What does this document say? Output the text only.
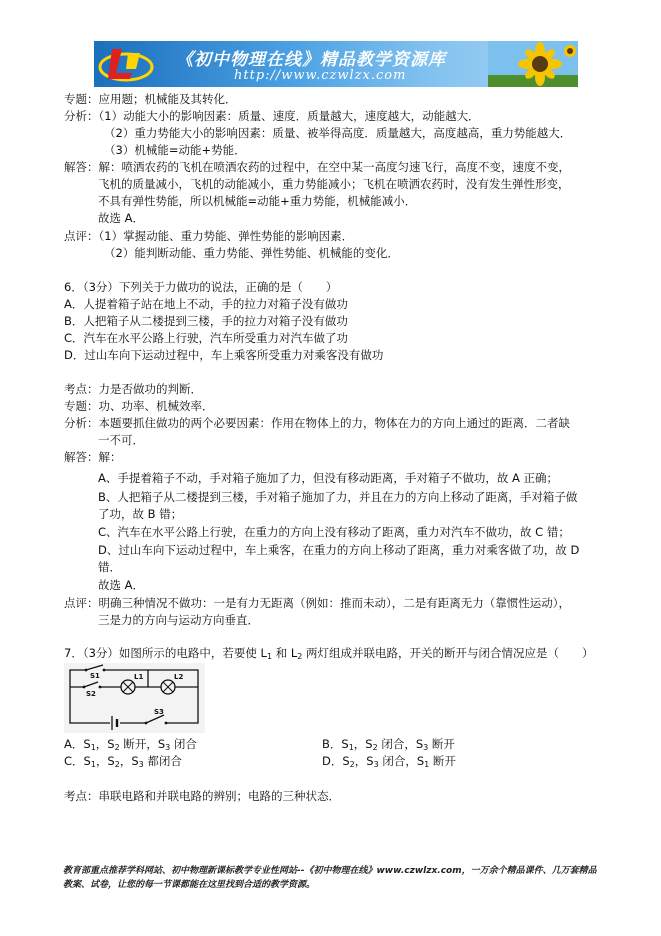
《初中物理在线》精品教学资源库
http://www.czwlzx.com
专题：应用题；机械能及其转化．
分析：（1）动能大小的影响因素：质量、速度．质量越大，速度越大，动能越大．
（2）重力势能大小的影响因素：质量、被举得高度．质量越大，高度越高，重力势能越大．
（3）机械能=动能+势能．
解答：解：喷洒农药的飞机在喷洒农药的过程中，在空中某一高度匀速飞行，高度不变，速度不变，
飞机的质量减小，飞机的动能减小，重力势能减小；飞机在喷洒农药时，没有发生弹性形变，
不具有弹性势能，所以机械能=动能+重力势能，机械能减小．
故选 A．
点评：（1）掌握动能、重力势能、弹性势能的影响因素．
（2）能判断动能、重力势能、弹性势能、机械能的变化．
6．（3分）下列关于力做功的说法，正确的是（　　）
A．人提着箱子站在地上不动，手的拉力对箱子没有做功
B．人把箱子从二楼提到三楼，手的拉力对箱子没有做功
C．汽车在水平公路上行驶，汽车所受重力对汽车做了功
D．过山车向下运动过程中，车上乘客所受重力对乘客没有做功
考点：力是否做功的判断．
专题：功、功率、机械效率．
分析：本题要抓住做功的两个必要因素：作用在物体上的力，物体在力的方向上通过的距离．二者缺
一不可．
解答：解：
A、手提着箱子不动，手对箱子施加了力，但没有移动距离，手对箱子不做功，故 A 正确；
B、人把箱子从二楼提到三楼，手对箱子施加了力，并且在力的方向上移动了距离，手对箱子做
了功，故 B 错；
C、汽车在水平公路上行驶，在重力的方向上没有移动了距离，重力对汽车不做功，故 C 错；
D、过山车向下运动过程中，车上乘客，在重力的方向上移动了距离，重力对乘客做了功，故 D
错．
故选 A．
点评：明确三种情况不做功：一是有力无距离（例如：推而未动），二是有距离无力（靠惯性运动），
三是力的方向与运动方向垂直．
7．（3分）如图所示的电路中，若要使 $L_1$ 和 $L_2$ 两灯组成并联电路，开关的断开与闭合情况应是（　　）
S1
S2
L1	L2
S3
A．$S_1$，$S_2$ 断开，$S_3$ 闭合	B．$S_1$，$S_2$ 闭合，$S_3$ 断开
C．$S_1$，$S_2$，$S_3$ 都闭合	D．$S_2$，$S_3$ 闭合，$S_1$ 断开
考点：串联电路和并联电路的辨别；电路的三种状态．
教育部重点推荐学科网站、初中物理新课标教学专业性网站--《初中物理在线》www.czwlzx.com，一万余个精品课件、几万套精品教案、试卷，让您的每一节课都能在这里找到合适的教学资源。
